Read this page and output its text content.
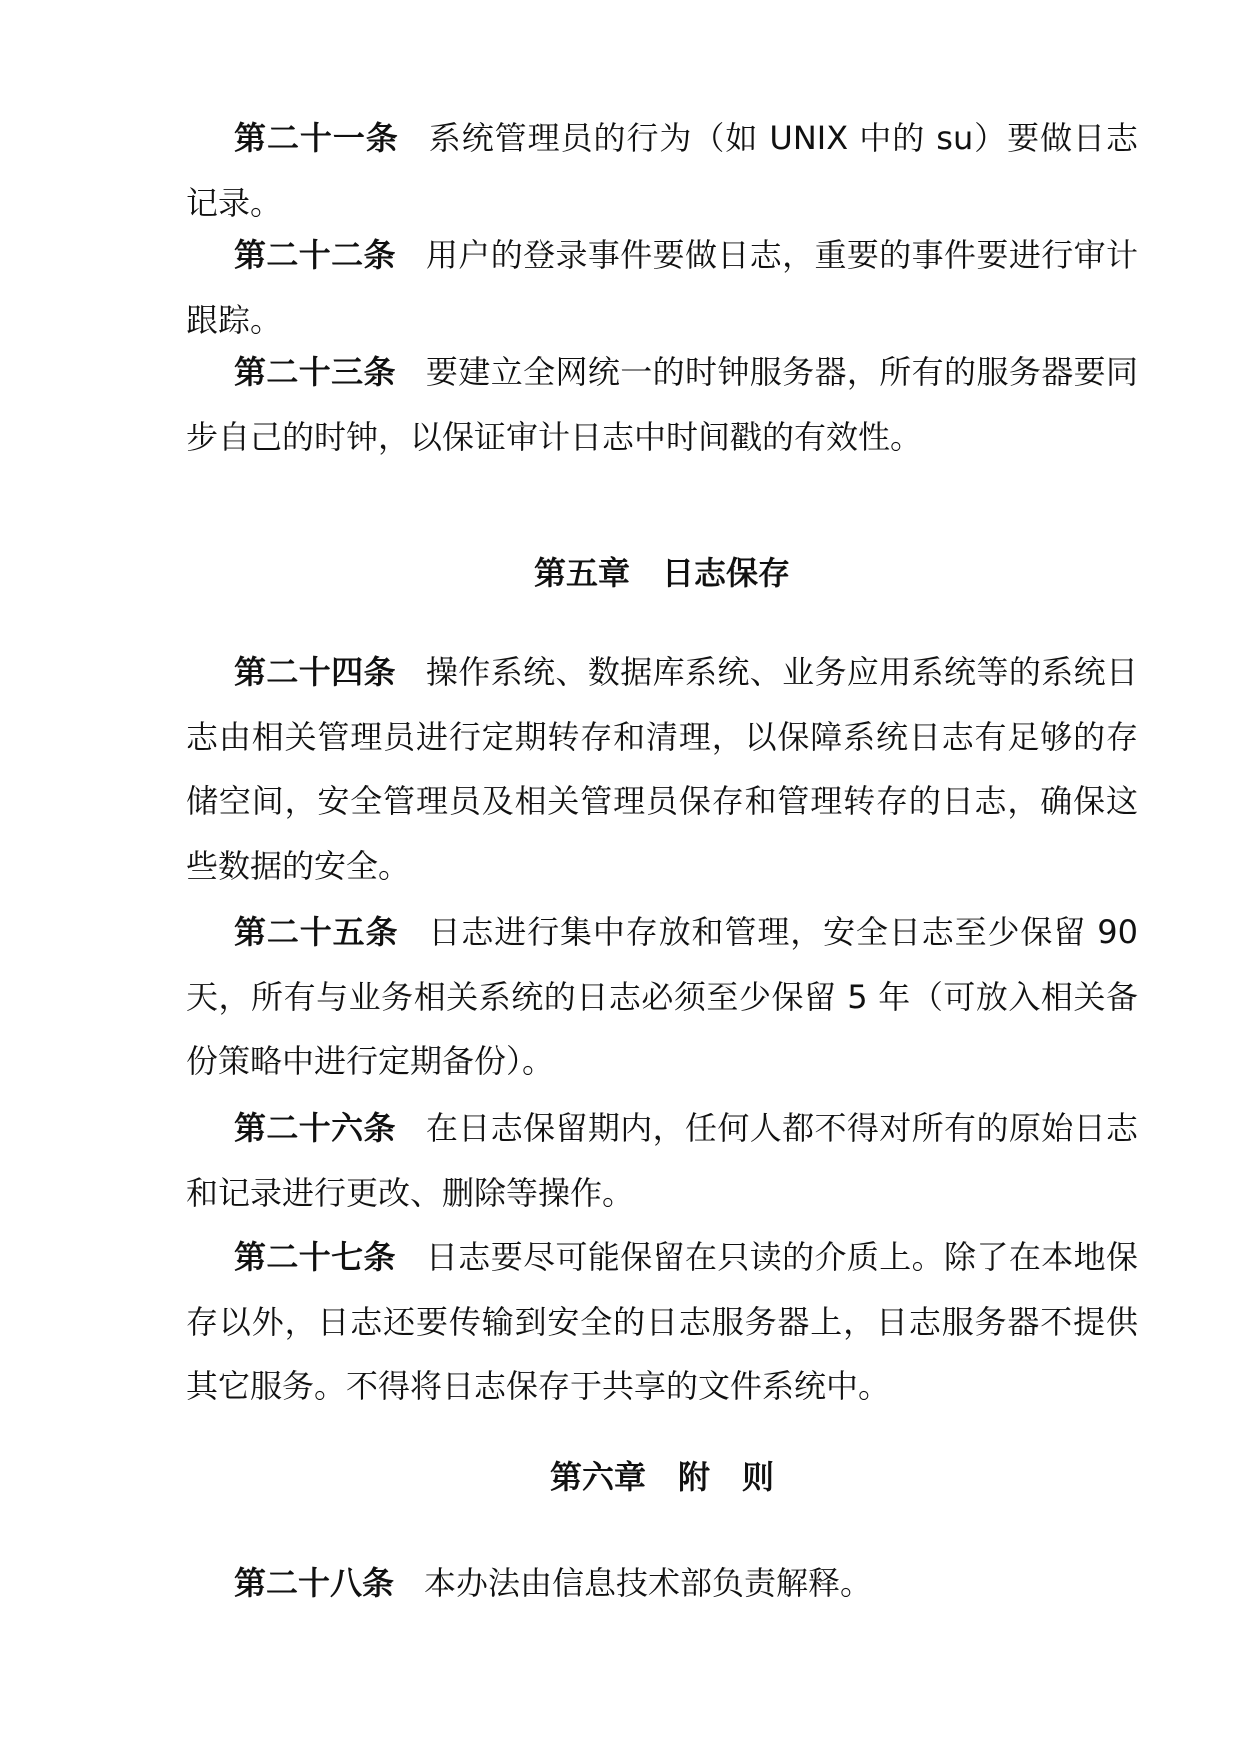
第二十一条 系统管理员的行为（如 UNIX 中的 su）要做日志记录。

第二十二条 用户的登录事件要做日志，重要的事件要进行审计跟踪。

第二十三条 要建立全网统一的时钟服务器，所有的服务器要同步自己的时钟，以保证审计日志中时间戳的有效性。

第五章　日志保存

第二十四条 操作系统、数据库系统、业务应用系统等的系统日志由相关管理员进行定期转存和清理，以保障系统日志有足够的存储空间，安全管理员及相关管理员保存和管理转存的日志，确保这些数据的安全。

第二十五条 日志进行集中存放和管理，安全日志至少保留 90 天，所有与业务相关系统的日志必须至少保留 5 年（可放入相关备份策略中进行定期备份）。

第二十六条 在日志保留期内，任何人都不得对所有的原始日志和记录进行更改、删除等操作。

第二十七条 日志要尽可能保留在只读的介质上。除了在本地保存以外，日志还要传输到安全的日志服务器上，日志服务器不提供其它服务。不得将日志保存于共享的文件系统中。

第六章　附　则

第二十八条 本办法由信息技术部负责解释。
